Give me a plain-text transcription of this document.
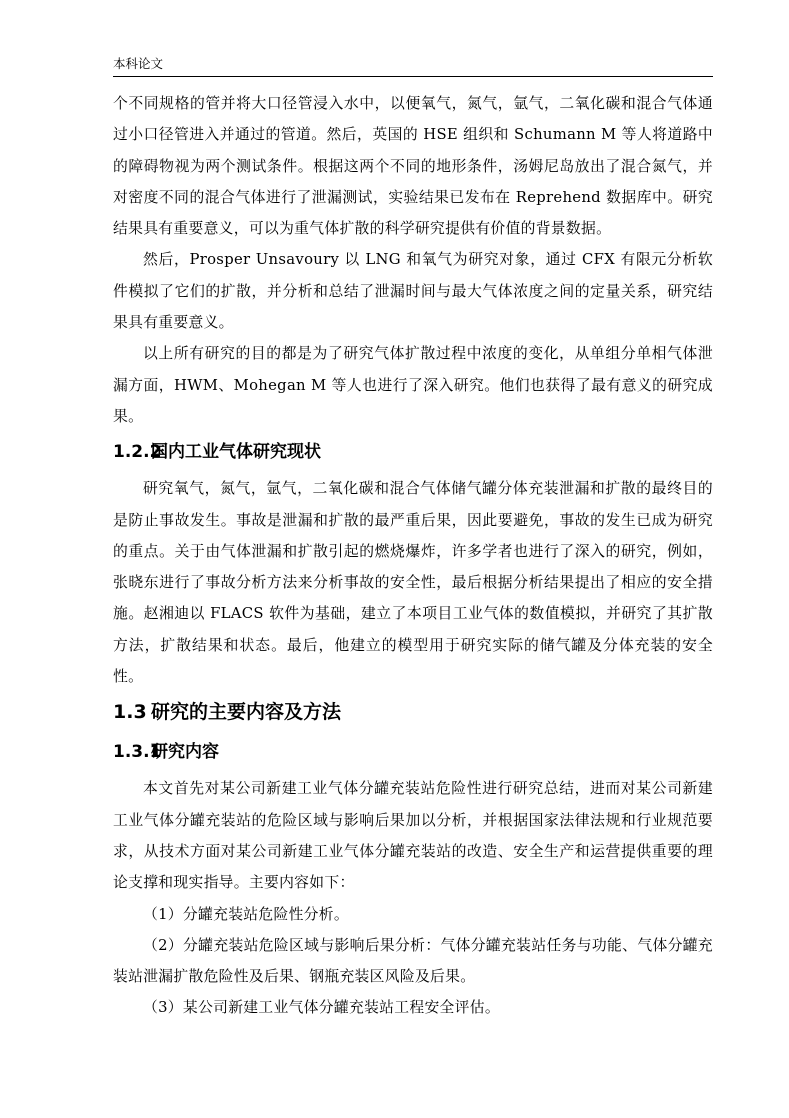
本科论文

个不同规格的管并将大口径管浸入水中，以便氧气，氮气，氩气，二氧化碳和混合气体通过小口径管进入并通过的管道。然后，英国的 HSE 组织和 Schumann M 等人将道路中的障碍物视为两个测试条件。根据这两个不同的地形条件，汤姆尼岛放出了混合氮气，并对密度不同的混合气体进行了泄漏测试，实验结果已发布在 Reprehend 数据库中。研究结果具有重要意义，可以为重气体扩散的科学研究提供有价值的背景数据。

然后，Prosper Unsavoury 以 LNG 和氧气为研究对象，通过 CFX 有限元分析软件模拟了它们的扩散，并分析和总结了泄漏时间与最大气体浓度之间的定量关系，研究结果具有重要意义。

以上所有研究的目的都是为了研究气体扩散过程中浓度的变化，从单组分单相气体泄漏方面，HWM、Mohegan M 等人也进行了深入研究。他们也获得了最有意义的研究成果。

1.2.2国内工业气体研究现状

研究氧气，氮气，氩气，二氧化碳和混合气体储气罐分体充装泄漏和扩散的最终目的是防止事故发生。事故是泄漏和扩散的最严重后果，因此要避免，事故的发生已成为研究的重点。关于由气体泄漏和扩散引起的燃烧爆炸，许多学者也进行了深入的研究，例如，张晓东进行了事故分析方法来分析事故的安全性，最后根据分析结果提出了相应的安全措施。赵湘迪以 FLACS 软件为基础，建立了本项目工业气体的数值模拟，并研究了其扩散方法，扩散结果和状态。最后，他建立的模型用于研究实际的储气罐及分体充装的安全性。

1.3 研究的主要内容及方法
1.3.1研究内容

本文首先对某公司新建工业气体分罐充装站危险性进行研究总结，进而对某公司新建工业气体分罐充装站的危险区域与影响后果加以分析，并根据国家法律法规和行业规范要求，从技术方面对某公司新建工业气体分罐充装站的改造、安全生产和运营提供重要的理论支撑和现实指导。主要内容如下：

（1）分罐充装站危险性分析。

（2）分罐充装站危险区域与影响后果分析：气体分罐充装站任务与功能、气体分罐充装站泄漏扩散危险性及后果、钢瓶充装区风险及后果。

（3）某公司新建工业气体分罐充装站工程安全评估。
